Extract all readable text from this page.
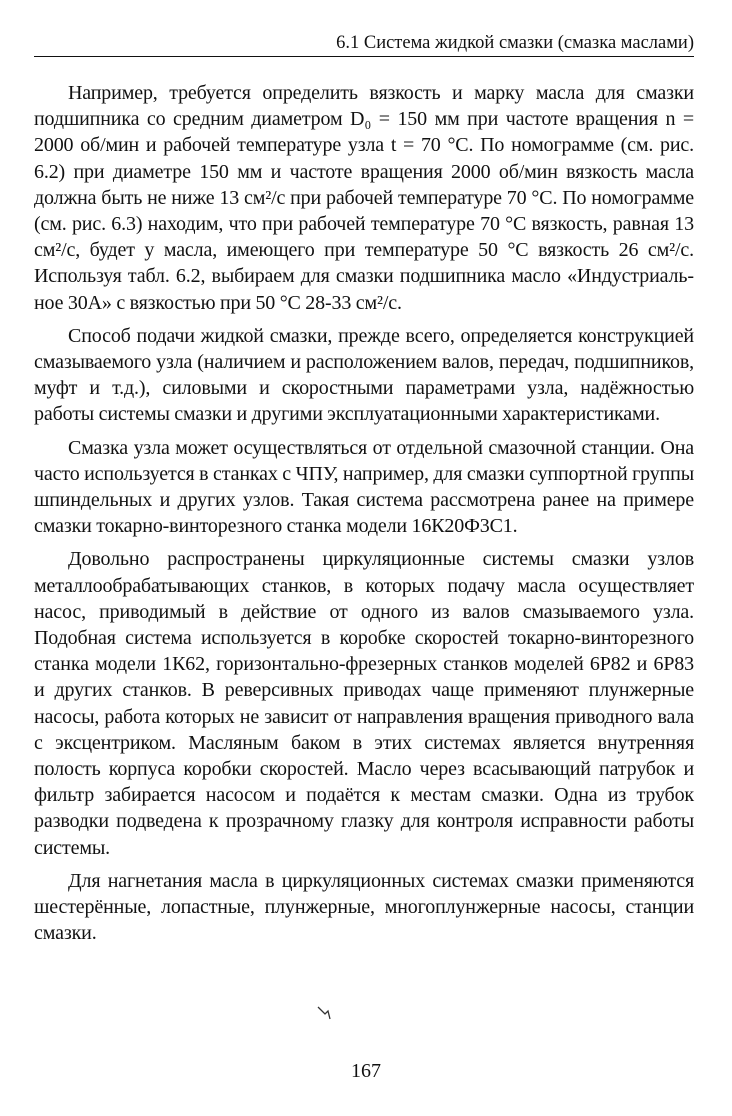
6.1 Система жидкой смазки (смазка маслами)

Например, требуется определить вязкость и марку масла для смазки подшипника со средним диаметром D₀ = 150 мм при частоте вращения n = 2000 об/мин и рабочей температуре узла t = 70 °С. По номограмме (см. рис. 6.2) при диаметре 150 мм и частоте вращения 2000 об/мин вязкость масла должна быть не ниже 13 см²/с при рабочей температуре 70 °С. По номограмме (см. рис. 6.3) находим, что при рабочей температуре 70 °С вязкость, равная 13 см²/с, будет у масла, имеющего при температуре 50 °С вязкость 26 см²/с. Используя табл. 6.2, выбираем для смазки подшипника масло «Индустриальное 30А» с вязкостью при 50 °С 28-33 см²/с.

Способ подачи жидкой смазки, прежде всего, определяется конструкцией смазываемого узла (наличием и расположением валов, передач, подшипников, муфт и т.д.), силовыми и скоростными параметрами узла, надёжностью работы системы смазки и другими эксплуатационными характеристиками.

Смазка узла может осуществляться от отдельной смазочной станции. Она часто используется в станках с ЧПУ, например, для смазки суппортной группы шпиндельных и других узлов. Такая система рассмотрена ранее на примере смазки токарно-винторезного станка модели 16К20Ф3С1.

Довольно распространены циркуляционные системы смазки узлов металлообрабатывающих станков, в которых подачу масла осуществляет насос, приводимый в действие от одного из валов смазываемого узла. Подобная система используется в коробке скоростей токарно-винторезного станка модели 1К62, горизонтально-фрезерных станков моделей 6Р82 и 6Р83 и других станков. В реверсивных приводах чаще применяют плунжерные насосы, работа которых не зависит от направления вращения приводного вала с эксцентриком. Масляным баком в этих системах является внутренняя полость корпуса коробки скоростей. Масло через всасывающий патрубок и фильтр забирается насосом и подаётся к местам смазки. Одна из трубок разводки подведена к прозрачному глазку для контроля исправности работы системы.

Для нагнетания масла в циркуляционных системах смазки применяются шестерённые, лопастные, плунжерные, многоплунжерные насосы, станции смазки.

167
